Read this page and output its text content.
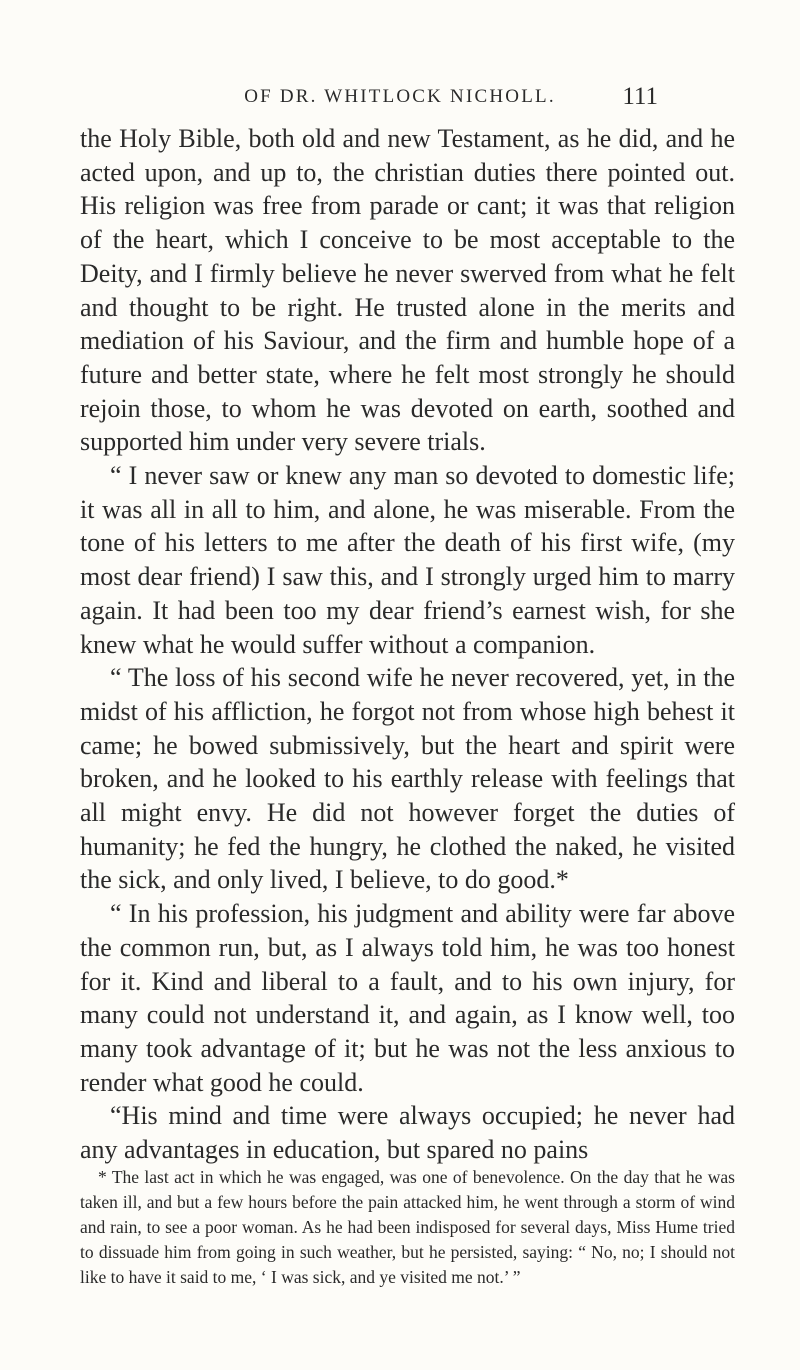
OF DR. WHITLOCK NICHOLL.	111

the Holy Bible, both old and new Testament, as he did, and he acted upon, and up to, the christian duties there pointed out. His religion was free from parade or cant; it was that religion of the heart, which I conceive to be most acceptable to the Deity, and I firmly believe he never swerved from what he felt and thought to be right. He trusted alone in the merits and mediation of his Saviour, and the firm and humble hope of a future and better state, where he felt most strongly he should rejoin those, to whom he was devoted on earth, soothed and supported him under very severe trials.

“ I never saw or knew any man so devoted to domestic life; it was all in all to him, and alone, he was miserable. From the tone of his letters to me after the death of his first wife, (my most dear friend) I saw this, and I strongly urged him to marry again. It had been too my dear friend’s earnest wish, for she knew what he would suffer without a companion.

“ The loss of his second wife he never recovered, yet, in the midst of his affliction, he forgot not from whose high behest it came; he bowed submissively, but the heart and spirit were broken, and he looked to his earthly release with feelings that all might envy. He did not however forget the duties of humanity; he fed the hungry, he clothed the naked, he visited the sick, and only lived, I believe, to do good.*

“ In his profession, his judgment and ability were far above the common run, but, as I always told him, he was too honest for it. Kind and liberal to a fault, and to his own injury, for many could not understand it, and again, as I know well, too many took advantage of it; but he was not the less anxious to render what good he could.

“His mind and time were always occupied; he never had any advantages in education, but spared no pains

* The last act in which he was engaged, was one of benevolence. On the day that he was taken ill, and but a few hours before the pain attacked him, he went through a storm of wind and rain, to see a poor woman. As he had been indisposed for several days, Miss Hume tried to dissuade him from going in such weather, but he persisted, saying: “ No, no; I should not like to have it said to me, ‘ I was sick, and ye visited me not.’ ”
